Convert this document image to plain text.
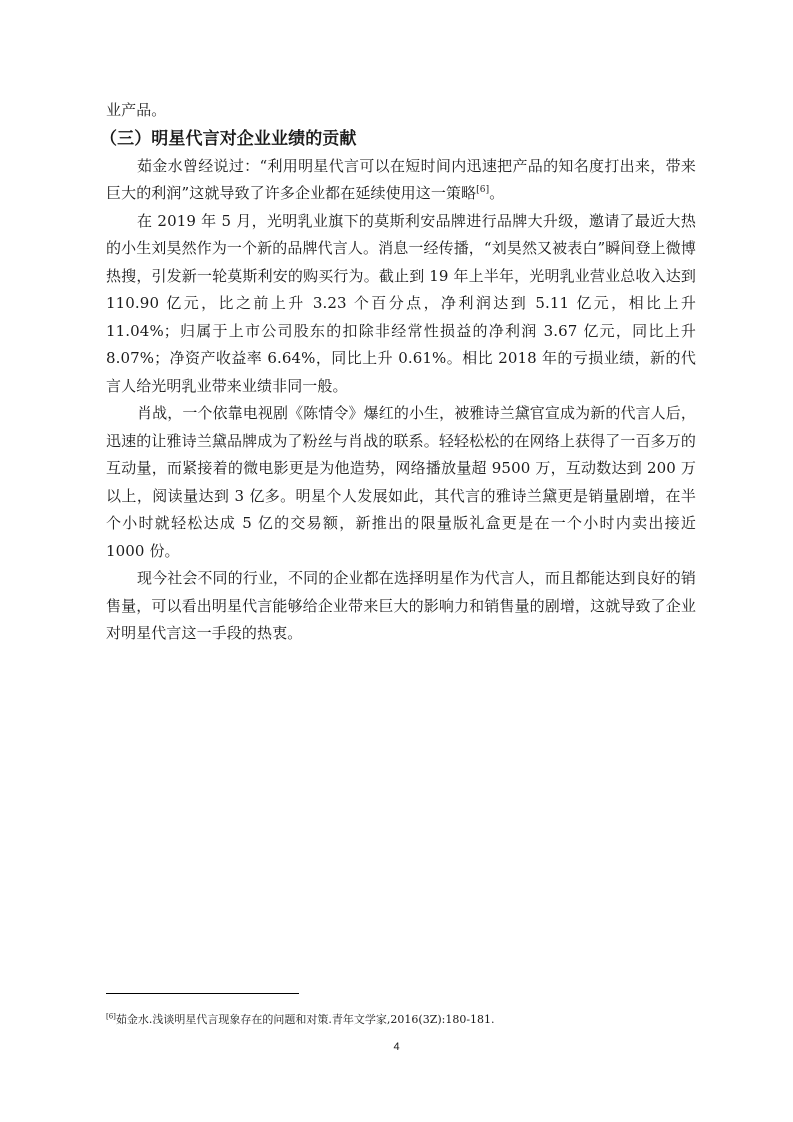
业产品。

（三）明星代言对企业业绩的贡献

茹金水曾经说过：“利用明星代言可以在短时间内迅速把产品的知名度打出来，带来巨大的利润”这就导致了许多企业都在延续使用这一策略[6]。

在 2019 年 5 月，光明乳业旗下的莫斯利安品牌进行品牌大升级，邀请了最近大热的小生刘昊然作为一个新的品牌代言人。消息一经传播，“刘昊然又被表白”瞬间登上微博热搜，引发新一轮莫斯利安的购买行为。截止到 19 年上半年，光明乳业营业总收入达到 110.90 亿元，比之前上升 3.23 个百分点，净利润达到 5.11 亿元，相比上升 11.04%；归属于上市公司股东的扣除非经常性损益的净利润 3.67 亿元，同比上升 8.07%；净资产收益率 6.64%，同比上升 0.61%。相比 2018 年的亏损业绩，新的代言人给光明乳业带来业绩非同一般。

肖战，一个依靠电视剧《陈情令》爆红的小生，被雅诗兰黛官宣成为新的代言人后，迅速的让雅诗兰黛品牌成为了粉丝与肖战的联系。轻轻松松的在网络上获得了一百多万的互动量，而紧接着的微电影更是为他造势，网络播放量超 9500 万，互动数达到 200 万以上，阅读量达到 3 亿多。明星个人发展如此，其代言的雅诗兰黛更是销量剧增，在半个小时就轻松达成 5 亿的交易额，新推出的限量版礼盒更是在一个小时内卖出接近 1000 份。

现今社会不同的行业，不同的企业都在选择明星作为代言人，而且都能达到良好的销售量，可以看出明星代言能够给企业带来巨大的影响力和销售量的剧增，这就导致了企业对明星代言这一手段的热衷。

[6]茹金水.浅谈明星代言现象存在的问题和对策.青年文学家,2016(3Z):180-181.
4
